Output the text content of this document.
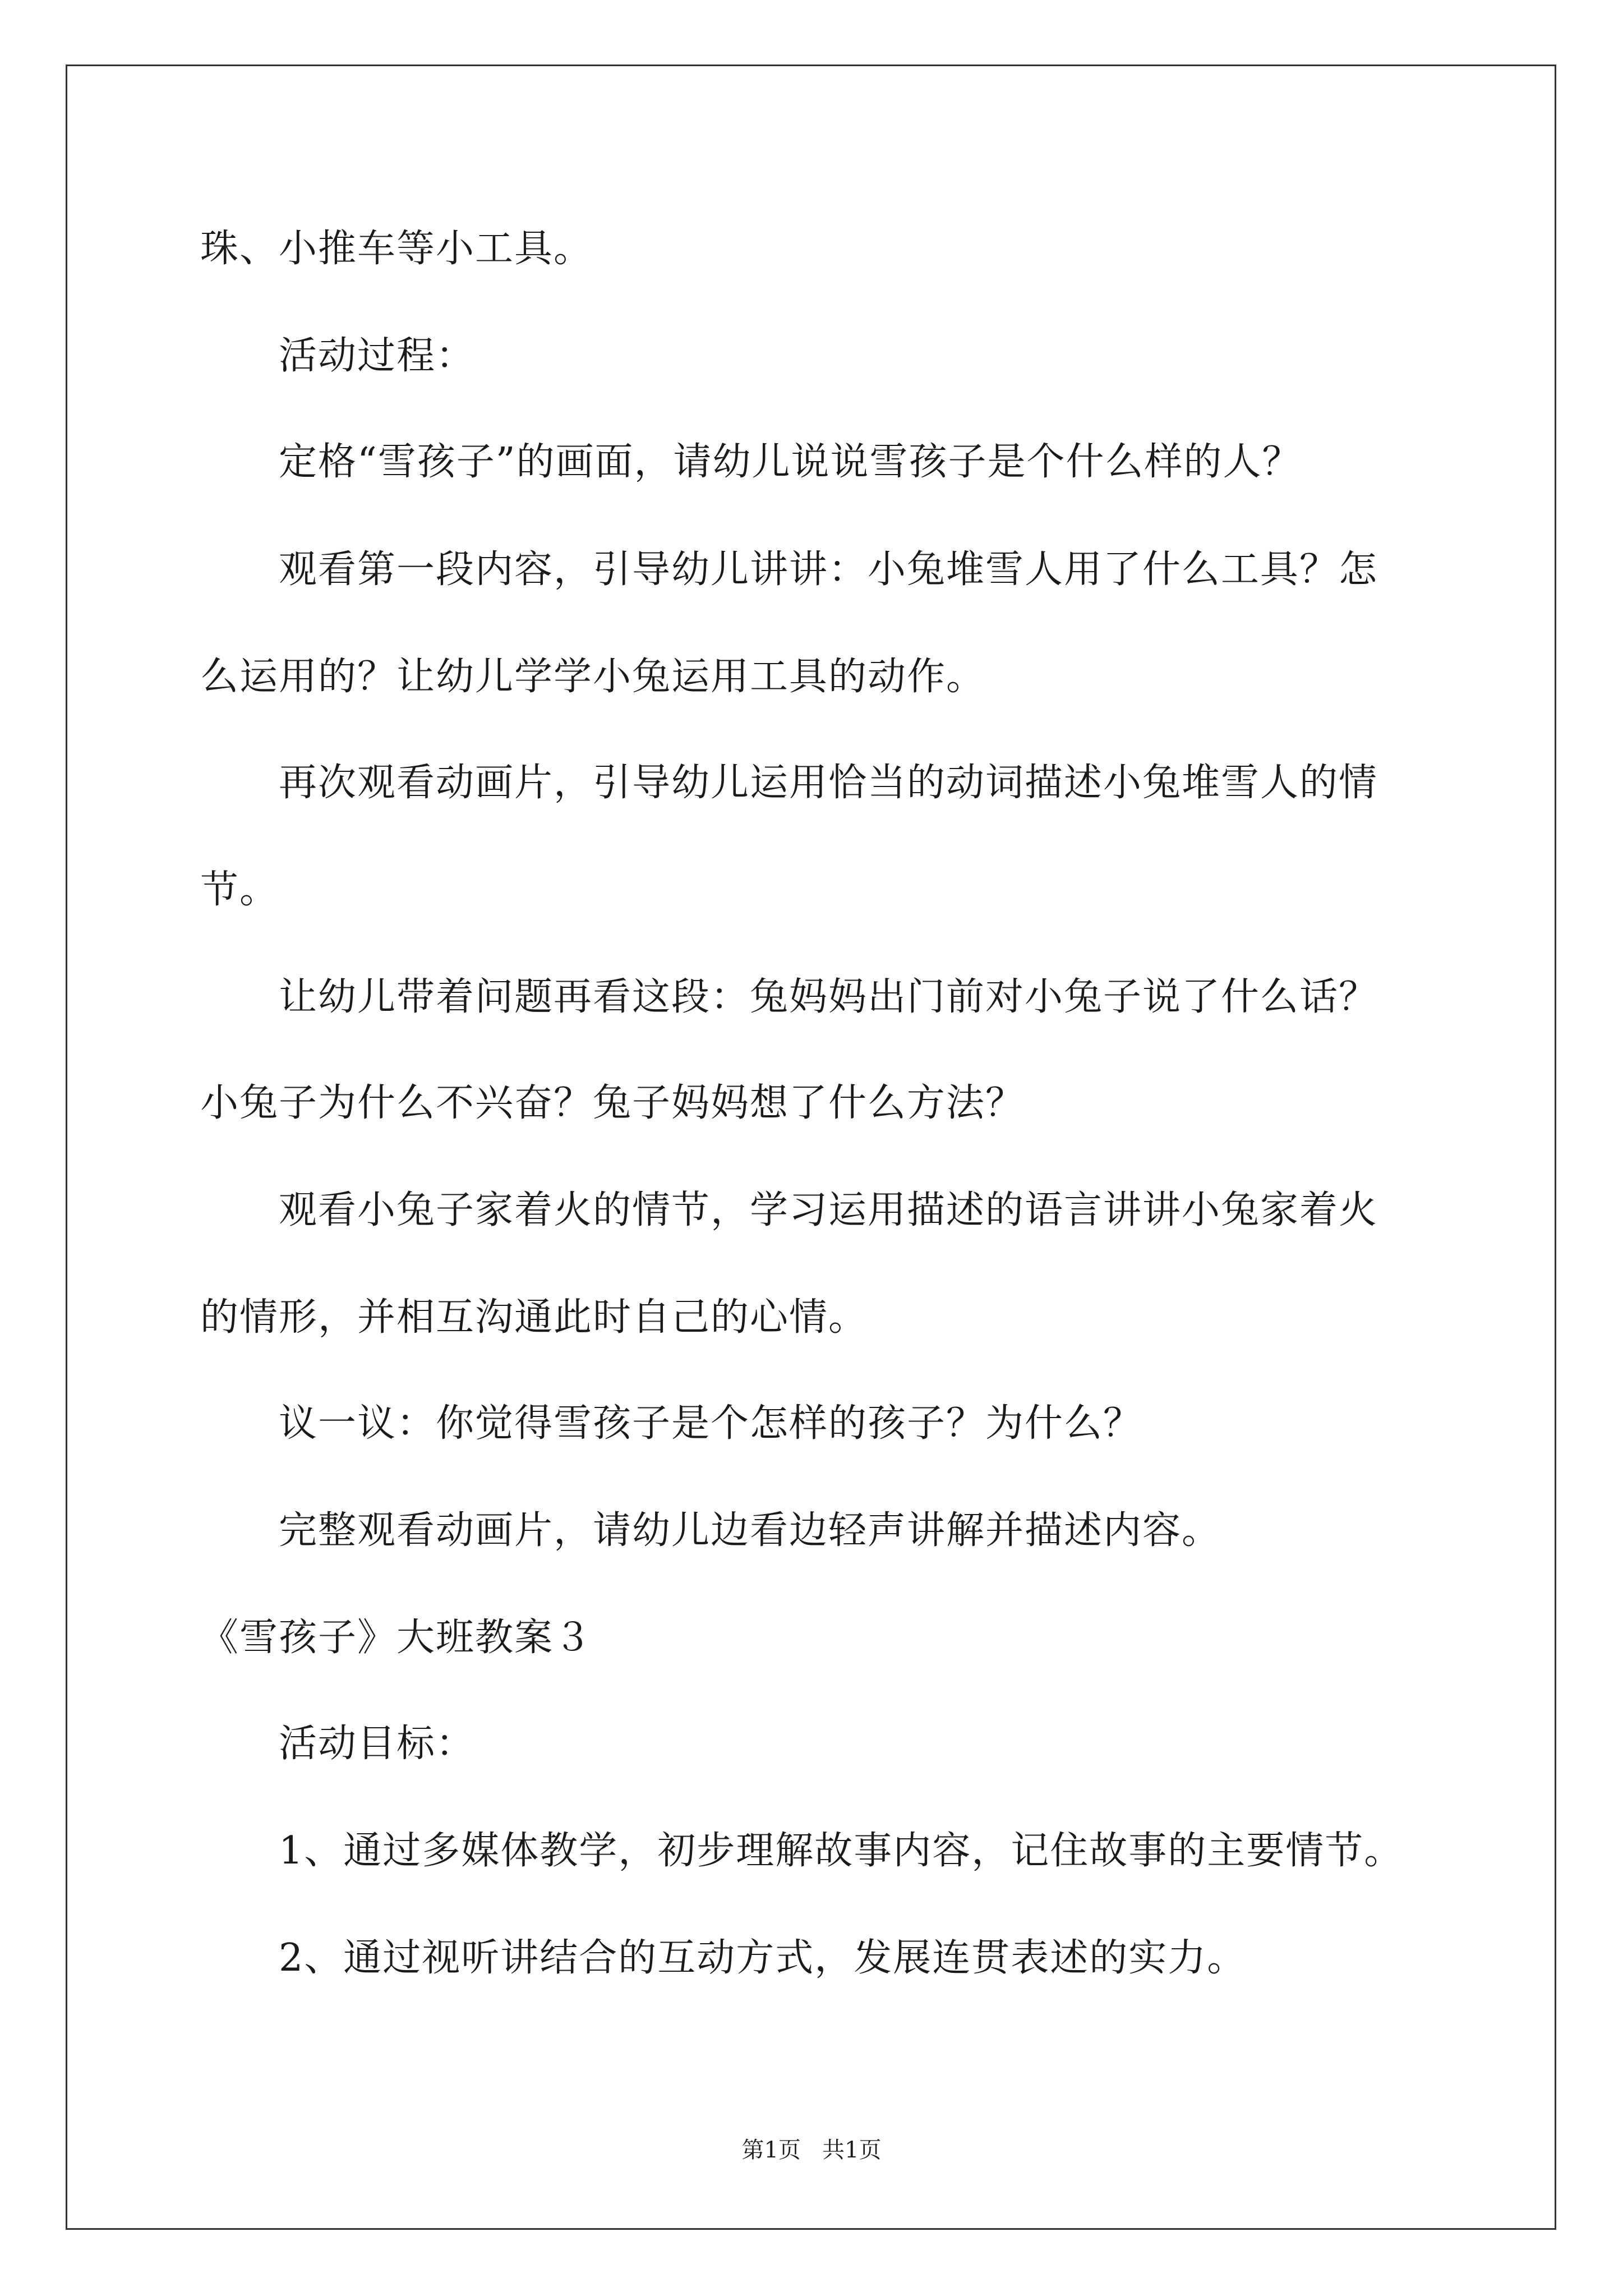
珠、小推车等小工具。
活动过程：
定格“雪孩子”的画面，请幼儿说说雪孩子是个什么样的人？
观看第一段内容，引导幼儿讲讲：小兔堆雪人用了什么工具？怎
么运用的？让幼儿学学小兔运用工具的动作。
再次观看动画片，引导幼儿运用恰当的动词描述小兔堆雪人的情
节。
让幼儿带着问题再看这段：兔妈妈出门前对小兔子说了什么话？
小兔子为什么不兴奋？兔子妈妈想了什么方法？
观看小兔子家着火的情节，学习运用描述的语言讲讲小兔家着火
的情形，并相互沟通此时自己的心情。
议一议：你觉得雪孩子是个怎样的孩子？为什么？
完整观看动画片，请幼儿边看边轻声讲解并描述内容。
《雪孩子》大班教案３
活动目标：
1、通过多媒体教学，初步理解故事内容，记住故事的主要情节。
2、通过视听讲结合的互动方式，发展连贯表述的实力。
第1页   共1页
